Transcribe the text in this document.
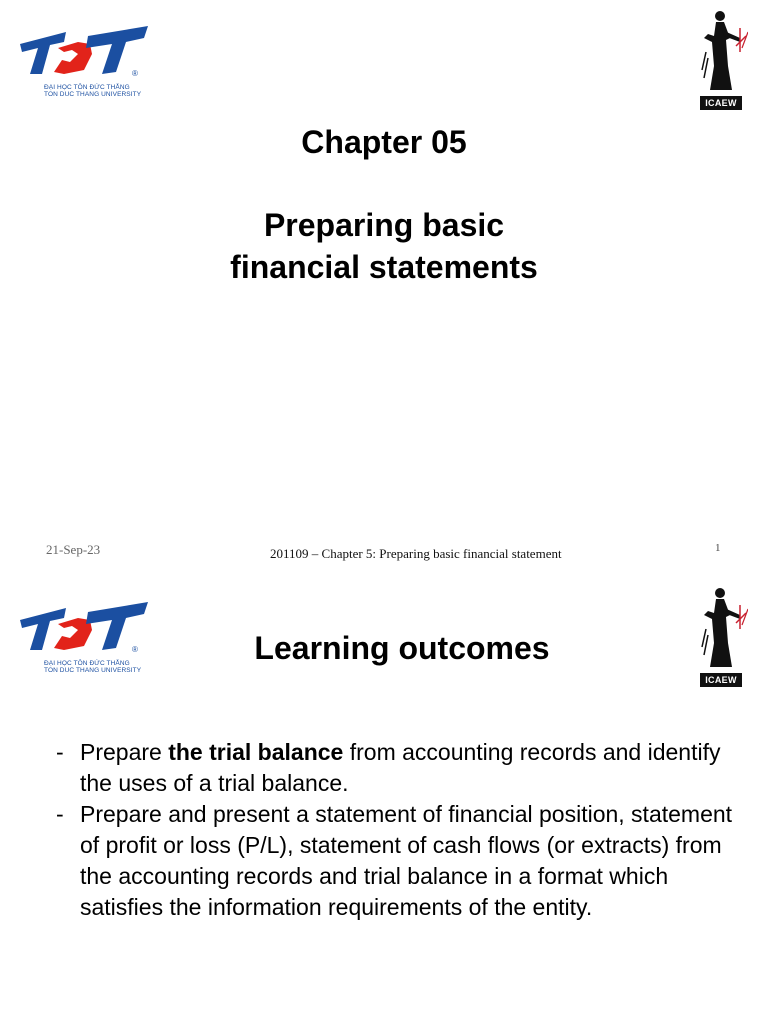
®
ĐẠI HỌC TÔN ĐỨC THẮNG
TON DUC THANG UNIVERSITY
ICAEW
Chapter 05
Preparing basic
financial statements
21-Sep-23	201109 – Chapter 5: Preparing basic financial statement	1
®
ĐẠI HỌC TÔN ĐỨC THẮNG
TON DUC THANG UNIVERSITY
ICAEW
Learning outcomes
- Prepare the trial balance from accounting records and identify the uses of a trial balance.
- Prepare and present a statement of financial position, statement of profit or loss (P/L), statement of cash flows (or extracts) from the accounting records and trial balance in a format which satisfies the information requirements of the entity.
